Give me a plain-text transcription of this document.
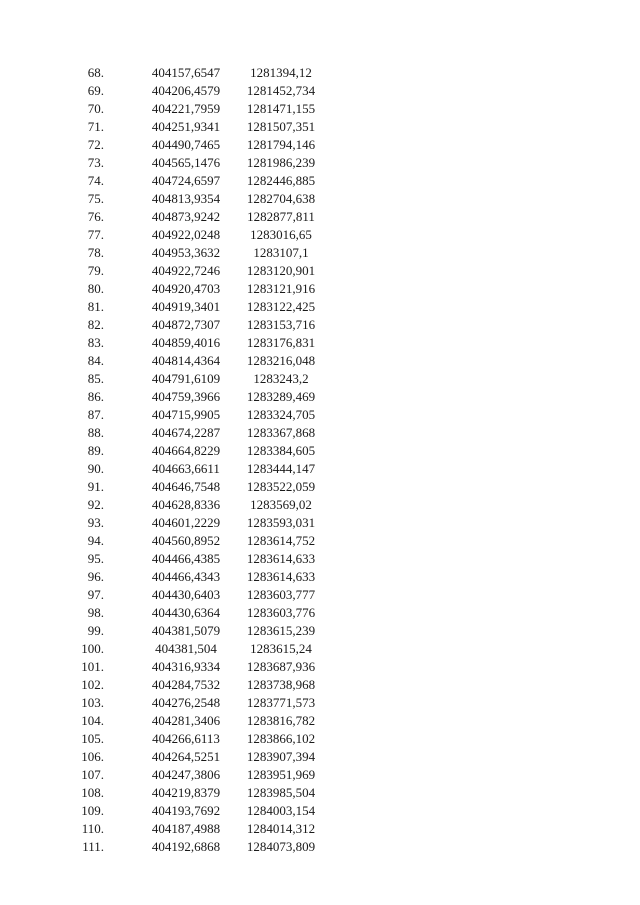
68.	404157,6547	1281394,12
69.	404206,4579	1281452,734
70.	404221,7959	1281471,155
71.	404251,9341	1281507,351
72.	404490,7465	1281794,146
73.	404565,1476	1281986,239
74.	404724,6597	1282446,885
75.	404813,9354	1282704,638
76.	404873,9242	1282877,811
77.	404922,0248	1283016,65
78.	404953,3632	1283107,1
79.	404922,7246	1283120,901
80.	404920,4703	1283121,916
81.	404919,3401	1283122,425
82.	404872,7307	1283153,716
83.	404859,4016	1283176,831
84.	404814,4364	1283216,048
85.	404791,6109	1283243,2
86.	404759,3966	1283289,469
87.	404715,9905	1283324,705
88.	404674,2287	1283367,868
89.	404664,8229	1283384,605
90.	404663,6611	1283444,147
91.	404646,7548	1283522,059
92.	404628,8336	1283569,02
93.	404601,2229	1283593,031
94.	404560,8952	1283614,752
95.	404466,4385	1283614,633
96.	404466,4343	1283614,633
97.	404430,6403	1283603,777
98.	404430,6364	1283603,776
99.	404381,5079	1283615,239
100.	404381,504	1283615,24
101.	404316,9334	1283687,936
102.	404284,7532	1283738,968
103.	404276,2548	1283771,573
104.	404281,3406	1283816,782
105.	404266,6113	1283866,102
106.	404264,5251	1283907,394
107.	404247,3806	1283951,969
108.	404219,8379	1283985,504
109.	404193,7692	1284003,154
110.	404187,4988	1284014,312
111.	404192,6868	1284073,809
